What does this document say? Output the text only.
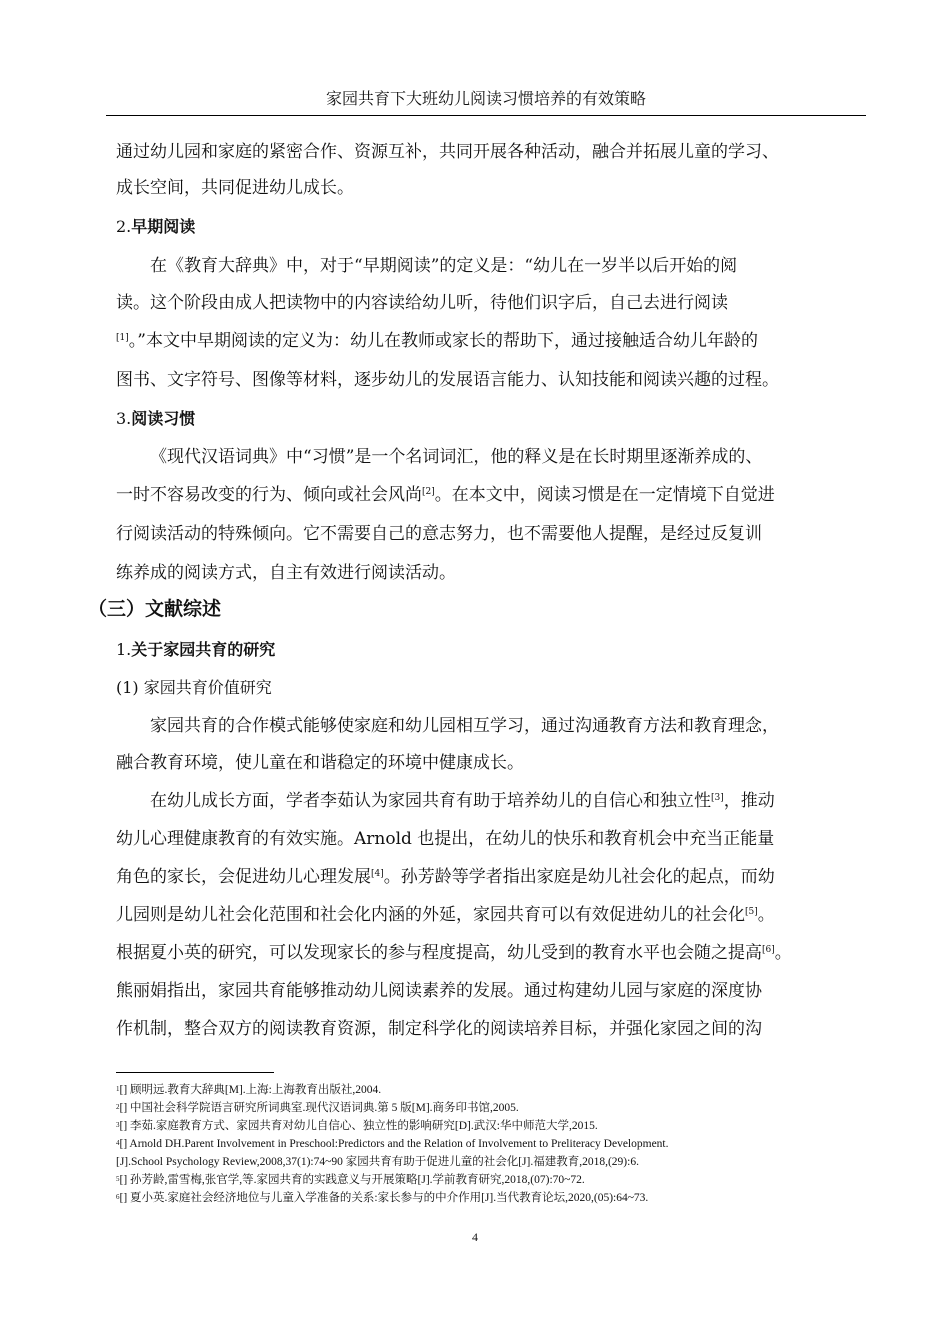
家园共育下大班幼儿阅读习惯培养的有效策略
通过幼儿园和家庭的紧密合作、资源互补，共同开展各种活动，融合并拓展儿童的学习、
成长空间，共同促进幼儿成长。
2.早期阅读
在《教育大辞典》中，对于“早期阅读”的定义是：“幼儿在一岁半以后开始的阅
读。这个阶段由成人把读物中的内容读给幼儿听，待他们识字后，自己去进行阅读
[1]。”本文中早期阅读的定义为：幼儿在教师或家长的帮助下，通过接触适合幼儿年龄的
图书、文字符号、图像等材料，逐步幼儿的发展语言能力、认知技能和阅读兴趣的过程。
3.阅读习惯
《现代汉语词典》中“习惯”是一个名词词汇，他的释义是在长时期里逐渐养成的、
一时不容易改变的行为、倾向或社会风尚[2]。在本文中，阅读习惯是在一定情境下自觉进
行阅读活动的特殊倾向。它不需要自己的意志努力，也不需要他人提醒，是经过反复训
练养成的阅读方式，自主有效进行阅读活动。
（三）文献综述
1.关于家园共育的研究
(1) 家园共育价值研究
家园共育的合作模式能够使家庭和幼儿园相互学习，通过沟通教育方法和教育理念，
融合教育环境，使儿童在和谐稳定的环境中健康成长。
在幼儿成长方面，学者李茹认为家园共育有助于培养幼儿的自信心和独立性[3]，推动
幼儿心理健康教育的有效实施。Arnold 也提出，在幼儿的快乐和教育机会中充当正能量
角色的家长，会促进幼儿心理发展[4]。孙芳龄等学者指出家庭是幼儿社会化的起点，而幼
儿园则是幼儿社会化范围和社会化内涵的外延，家园共育可以有效促进幼儿的社会化[5]。
根据夏小英的研究，可以发现家长的参与程度提高，幼儿受到的教育水平也会随之提高[6]。
熊丽娟指出，家园共育能够推动幼儿阅读素养的发展。通过构建幼儿园与家庭的深度协
作机制，整合双方的阅读教育资源，制定科学化的阅读培养目标，并强化家园之间的沟
$^1$[] 顾明远.教育大辞典[M].上海:上海教育出版社,2004.
$^2$[] 中国社会科学院语言研究所词典室.现代汉语词典.第 5 版[M].商务印书馆,2005.
$^3$[] 李茹.家庭教育方式、家园共育对幼儿自信心、独立性的影响研究[D].武汉:华中师范大学,2015.
$^4$[] Arnold DH.Parent Involvement in Preschool:Predictors and the Relation of Involvement to Preliteracy Development.
[J].School Psychology Review,2008,37(1):74~90 家园共育有助于促进儿童的社会化[J].福建教育,2018,(29):6.
$^5$[] 孙芳龄,雷雪梅,张官学,等.家园共育的实践意义与开展策略[J].学前教育研究,2018,(07):70~72.
$^6$[] 夏小英.家庭社会经济地位与儿童入学准备的关系:家长参与的中介作用[J].当代教育论坛,2020,(05):64~73.
4
